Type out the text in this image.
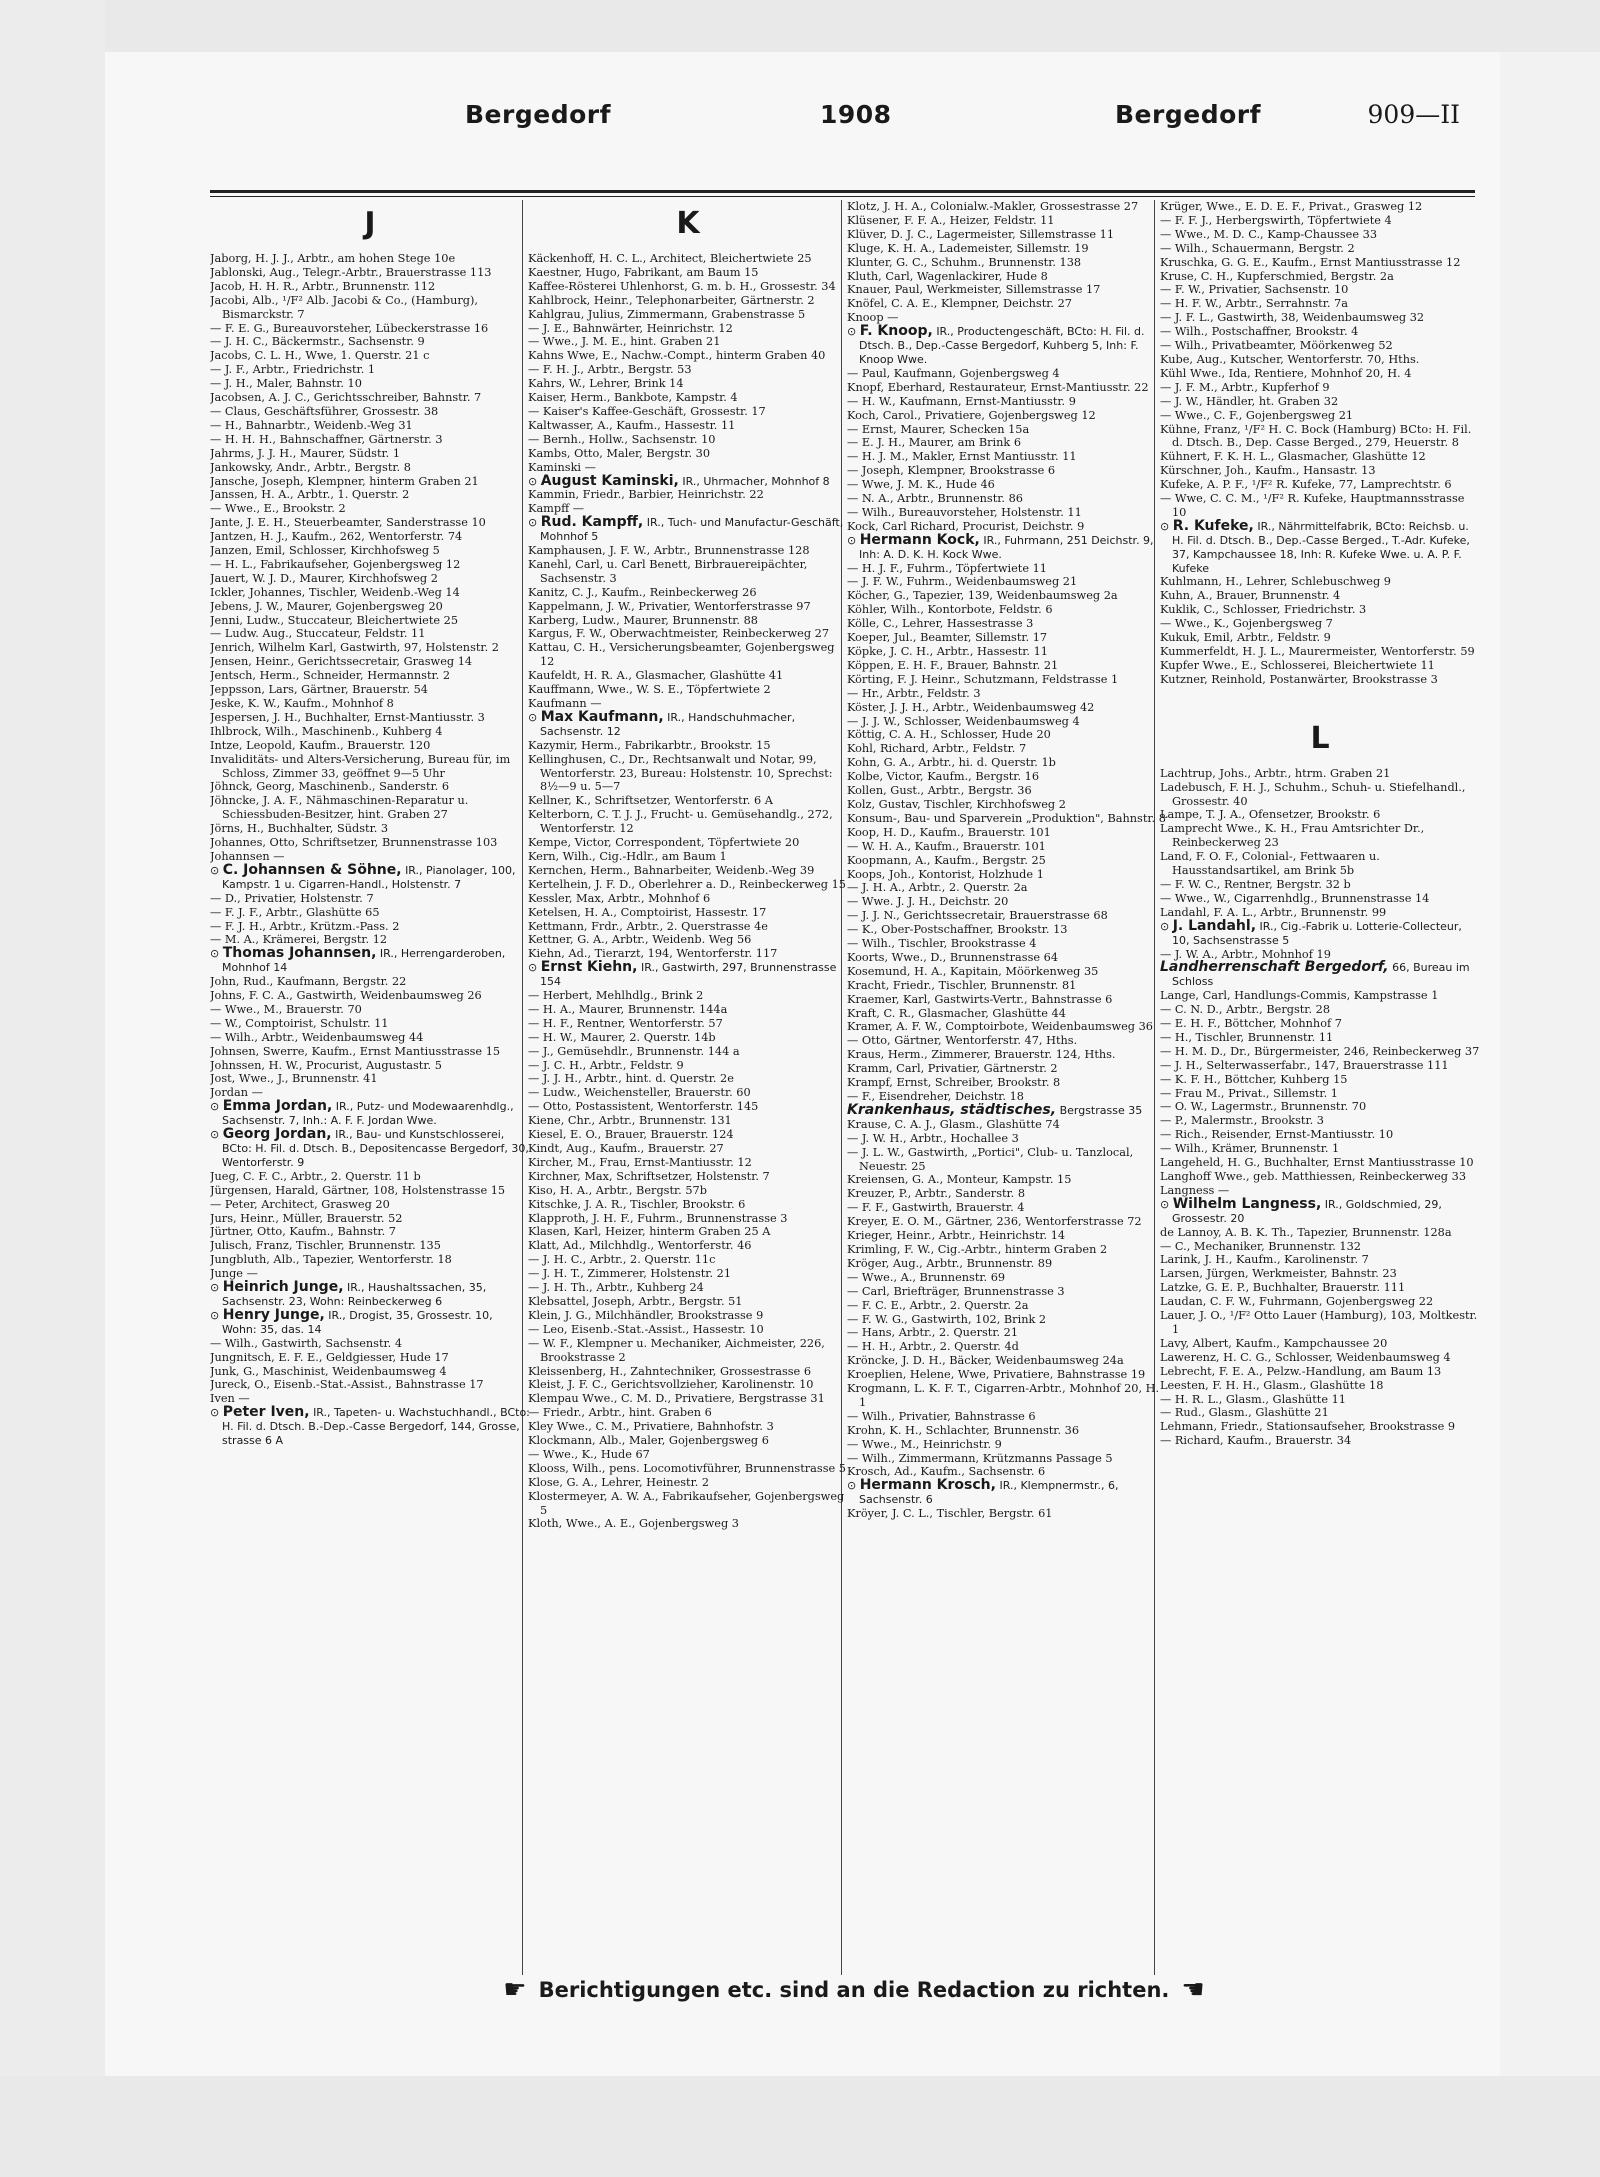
Bergedorf	1908	Bergedorf	909—II
J

Jaborg, H. J. J., Arbtr., am hohen Stege 10e

Jablonski, Aug., Telegr.-Arbtr., Brauerstrasse 113

Jacob, H. H. R., Arbtr., Brunnenstr. 112

Jacobi, Alb., ¹/F² Alb. Jacobi & Co., (Hamburg), Bismarckstr. 7

— F. E. G., Bureauvorsteher, Lübeckerstrasse 16

— J. H. C., Bäckermstr., Sachsenstr. 9

Jacobs, C. L. H., Wwe, 1. Querstr. 21 c

— J. F., Arbtr., Friedrichstr. 1

— J. H., Maler, Bahnstr. 10

Jacobsen, A. J. C., Gerichtsschreiber, Bahnstr. 7

— Claus, Geschäftsführer, Grossestr. 38

— H., Bahnarbtr., Weidenb.-Weg 31

— H. H. H., Bahnschaffner, Gärtnerstr. 3

Jahrms, J. J. H., Maurer, Südstr. 1

Jankowsky, Andr., Arbtr., Bergstr. 8

Jansche, Joseph, Klempner, hinterm Graben 21

Janssen, H. A., Arbtr., 1. Querstr. 2

— Wwe., E., Brookstr. 2

Jante, J. E. H., Steuerbeamter, Sanderstrasse 10

Jantzen, H. J., Kaufm., 262, Wentorferstr. 74

Janzen, Emil, Schlosser, Kirchhofsweg 5

— H. L., Fabrikaufseher, Gojenbergsweg 12

Jauert, W. J. D., Maurer, Kirchhofsweg 2

Ickler, Johannes, Tischler, Weidenb.-Weg 14

Jebens, J. W., Maurer, Gojenbergsweg 20

Jenni, Ludw., Stuccateur, Bleichertwiete 25

— Ludw. Aug., Stuccateur, Feldstr. 11

Jenrich, Wilhelm Karl, Gastwirth, 97, Holstenstr. 2

Jensen, Heinr., Gerichtssecretair, Grasweg 14

Jentsch, Herm., Schneider, Hermannstr. 2

Jeppsson, Lars, Gärtner, Brauerstr. 54

Jeske, K. W., Kaufm., Mohnhof 8

Jespersen, J. H., Buchhalter, Ernst-Mantiusstr. 3

Ihlbrock, Wilh., Maschinenb., Kuhberg 4

Intze, Leopold, Kaufm., Brauerstr. 120

Invaliditäts- und Alters-Versicherung, Bureau für, im Schloss, Zimmer 33, geöffnet 9—5 Uhr

Jöhnck, Georg, Maschinenb., Sanderstr. 6

Jöhncke, J. A. F., Nähmaschinen-Reparatur u. Schiessbuden-Besitzer, hint. Graben 27

Jörns, H., Buchhalter, Südstr. 3

Johannes, Otto, Schriftsetzer, Brunnenstrasse 103

Johannsen —

⊙ C. Johannsen & Söhne, IR., Pianolager, 100, Kampstr. 1 u. Cigarren-Handl., Holstenstr. 7

— D., Privatier, Holstenstr. 7

— F. J. F., Arbtr., Glashütte 65

— F. J. H., Arbtr., Krützm.-Pass. 2

— M. A., Krämerei, Bergstr. 12

⊙ Thomas Johannsen, IR., Herrengarderoben, Mohnhof 14

John, Rud., Kaufmann, Bergstr. 22

Johns, F. C. A., Gastwirth, Weidenbaumsweg 26

— Wwe., M., Brauerstr. 70

— W., Comptoirist, Schulstr. 11

— Wilh., Arbtr., Weidenbaumsweg 44

Johnsen, Swerre, Kaufm., Ernst Mantiusstrasse 15

Johnssen, H. W., Procurist, Augustastr. 5

Jost, Wwe., J., Brunnenstr. 41

Jordan —

⊙ Emma Jordan, IR., Putz- und Modewaarenhdlg., Sachsenstr. 7, Inh.: A. F. F. Jordan Wwe.

⊙ Georg Jordan, IR., Bau- und Kunstschlosserei, BCto: H. Fil. d. Dtsch. B., Depositencasse Bergedorf, 30, Wentorferstr. 9

Jueg, C. F. C., Arbtr., 2. Querstr. 11 b

Jürgensen, Harald, Gärtner, 108, Holstenstrasse 15

— Peter, Architect, Grasweg 20

Jurs, Heinr., Müller, Brauerstr. 52

Jürtner, Otto, Kaufm., Bahnstr. 7

Julisch, Franz, Tischler, Brunnenstr. 135

Jungbluth, Alb., Tapezier, Wentorferstr. 18

Junge —

⊙ Heinrich Junge, IR., Haushaltssachen, 35, Sachsenstr. 23, Wohn: Reinbeckerweg 6

⊙ Henry Junge, IR., Drogist, 35, Grossestr. 10, Wohn: 35, das. 14

— Wilh., Gastwirth, Sachsenstr. 4

Jungnitsch, E. F. E., Geldgiesser, Hude 17

Junk, G., Maschinist, Weidenbaumsweg 4

Jureck, O., Eisenb.-Stat.-Assist., Bahnstrasse 17

Iven —

⊙ Peter Iven, IR., Tapeten- u. Wachstuchhandl., BCto: H. Fil. d. Dtsch. B.-Dep.-Casse Bergedorf, 144, Grosse, strasse 6 A

K

Käckenhoff, H. C. L., Architect, Bleichertwiete 25

Kaestner, Hugo, Fabrikant, am Baum 15

Kaffee-Rösterei Uhlenhorst, G. m. b. H., Grossestr. 34

Kahlbrock, Heinr., Telephonarbeiter, Gärtnerstr. 2

Kahlgrau, Julius, Zimmermann, Grabenstrasse 5

— J. E., Bahnwärter, Heinrichstr. 12

— Wwe., J. M. E., hint. Graben 21

Kahns Wwe, E., Nachw.-Compt., hinterm Graben 40

— F. H. J., Arbtr., Bergstr. 53

Kahrs, W., Lehrer, Brink 14

Kaiser, Herm., Bankbote, Kampstr. 4

— Kaiser's Kaffee-Geschäft, Grossestr. 17

Kaltwasser, A., Kaufm., Hassestr. 11

— Bernh., Hollw., Sachsenstr. 10

Kambs, Otto, Maler, Bergstr. 30

Kaminski —

⊙ August Kaminski, IR., Uhrmacher, Mohnhof 8

Kammin, Friedr., Barbier, Heinrichstr. 22

Kampff —

⊙ Rud. Kampff, IR., Tuch- und Manufactur-Geschäft, Mohnhof 5

Kamphausen, J. F. W., Arbtr., Brunnenstrasse 128

Kanehl, Carl, u. Carl Benett, Birbrauereipächter, Sachsenstr. 3

Kanitz, C. J., Kaufm., Reinbeckerweg 26

Kappelmann, J. W., Privatier, Wentorferstrasse 97

Karberg, Ludw., Maurer, Brunnenstr. 88

Kargus, F. W., Oberwachtmeister, Reinbeckerweg 27

Kattau, C. H., Versicherungsbeamter, Gojenbergsweg 12

Kaufeldt, H. R. A., Glasmacher, Glashütte 41

Kauffmann, Wwe., W. S. E., Töpfertwiete 2

Kaufmann —

⊙ Max Kaufmann, IR., Handschuhmacher, Sachsenstr. 12

Kazymir, Herm., Fabrikarbtr., Brookstr. 15

Kellinghusen, C., Dr., Rechtsanwalt und Notar, 99, Wentorferstr. 23, Bureau: Holstenstr. 10, Sprechst: 8½—9 u. 5—7

Kellner, K., Schriftsetzer, Wentorferstr. 6 A

Kelterborn, C. T. J. J., Frucht- u. Gemüsehandlg., 272, Wentorferstr. 12

Kempe, Victor, Correspondent, Töpfertwiete 20

Kern, Wilh., Cig.-Hdlr., am Baum 1

Kernchen, Herm., Bahnarbeiter, Weidenb.-Weg 39

Kertelhein, J. F. D., Oberlehrer a. D., Reinbeckerweg 15

Kessler, Max, Arbtr., Mohnhof 6

Ketelsen, H. A., Comptoirist, Hassestr. 17

Kettmann, Frdr., Arbtr., 2. Querstrasse 4e

Kettner, G. A., Arbtr., Weidenb. Weg 56

Kiehn, Ad., Tierarzt, 194, Wentorferstr. 117

⊙ Ernst Kiehn, IR., Gastwirth, 297, Brunnenstrasse 154

— Herbert, Mehlhdlg., Brink 2

— H. A., Maurer, Brunnenstr. 144a

— H. F., Rentner, Wentorferstr. 57

— H. W., Maurer, 2. Querstr. 14b

— J., Gemüsehdlr., Brunnenstr. 144 a

— J. C. H., Arbtr., Feldstr. 9

— J. J. H., Arbtr., hint. d. Querstr. 2e

— Ludw., Weichensteller, Brauerstr. 60

— Otto, Postassistent, Wentorferstr. 145

Kiene, Chr., Arbtr., Brunnenstr. 131

Kiesel, E. O., Brauer, Brauerstr. 124

Kindt, Aug., Kaufm., Brauerstr. 27

Kircher, M., Frau, Ernst-Mantiusstr. 12

Kirchner, Max, Schriftsetzer, Holstenstr. 7

Kiso, H. A., Arbtr., Bergstr. 57b

Kitschke, J. A. R., Tischler, Brookstr. 6

Klapproth, J. H. F., Fuhrm., Brunnenstrasse 3

Klasen, Karl, Heizer, hinterm Graben 25 A

Klatt, Ad., Milchhdlg., Wentorferstr. 46

— J. H. C., Arbtr., 2. Querstr. 11c

— J. H. T., Zimmerer, Holstenstr. 21

— J. H. Th., Arbtr., Kuhberg 24

Klebsattel, Joseph, Arbtr., Bergstr. 51

Klein, J. G., Milchhändler, Brookstrasse 9

— Leo, Eisenb.-Stat.-Assist., Hassestr. 10

— W. F., Klempner u. Mechaniker, Aichmeister, 226, Brookstrasse 2

Kleissenberg, H., Zahntechniker, Grossestrasse 6

Kleist, J. F. C., Gerichtsvollzieher, Karolinenstr. 10

Klempau Wwe., C. M. D., Privatiere, Bergstrasse 31

— Friedr., Arbtr., hint. Graben 6

Kley Wwe., C. M., Privatiere, Bahnhofstr. 3

Klockmann, Alb., Maler, Gojenbergsweg 6

— Wwe., K., Hude 67

Klooss, Wilh., pens. Locomotivführer, Brunnenstrasse 5

Klose, G. A., Lehrer, Heinestr. 2

Klostermeyer, A. W. A., Fabrikaufseher, Gojenbergsweg 5

Kloth, Wwe., A. E., Gojenbergsweg 3

Klotz, J. H. A., Colonialw.-Makler, Grossestrasse 27

Klüsener, F. F. A., Heizer, Feldstr. 11

Klüver, D. J. C., Lagermeister, Sillemstrasse 11

Kluge, K. H. A., Lademeister, Sillemstr. 19

Klunter, G. C., Schuhm., Brunnenstr. 138

Kluth, Carl, Wagenlackirer, Hude 8

Knauer, Paul, Werkmeister, Sillemstrasse 17

Knöfel, C. A. E., Klempner, Deichstr. 27

Knoop —

⊙ F. Knoop, IR., Productengeschäft, BCto: H. Fil. d. Dtsch. B., Dep.-Casse Bergedorf, Kuhberg 5, Inh: F. Knoop Wwe.

— Paul, Kaufmann, Gojenbergsweg 4

Knopf, Eberhard, Restaurateur, Ernst-Mantiusstr. 22

— H. W., Kaufmann, Ernst-Mantiusstr. 9

Koch, Carol., Privatiere, Gojenbergsweg 12

— Ernst, Maurer, Schecken 15a

— E. J. H., Maurer, am Brink 6

— H. J. M., Makler, Ernst Mantiusstr. 11

— Joseph, Klempner, Brookstrasse 6

— Wwe, J. M. K., Hude 46

— N. A., Arbtr., Brunnenstr. 86

— Wilh., Bureauvorsteher, Holstenstr. 11

Kock, Carl Richard, Procurist, Deichstr. 9

⊙ Hermann Kock, IR., Fuhrmann, 251 Deichstr. 9, Inh: A. D. K. H. Kock Wwe.

— H. J. F., Fuhrm., Töpfertwiete 11

— J. F. W., Fuhrm., Weidenbaumsweg 21

Köcher, G., Tapezier, 139, Weidenbaumsweg 2a

Köhler, Wilh., Kontorbote, Feldstr. 6

Kölle, C., Lehrer, Hassestrasse 3

Koeper, Jul., Beamter, Sillemstr. 17

Köpke, J. C. H., Arbtr., Hassestr. 11

Köppen, E. H. F., Brauer, Bahnstr. 21

Körting, F. J. Heinr., Schutzmann, Feldstrasse 1

— Hr., Arbtr., Feldstr. 3

Köster, J. J. H., Arbtr., Weidenbaumsweg 42

— J. J. W., Schlosser, Weidenbaumsweg 4

Köttig, C. A. H., Schlosser, Hude 20

Kohl, Richard, Arbtr., Feldstr. 7

Kohn, G. A., Arbtr., hi. d. Querstr. 1b

Kolbe, Victor, Kaufm., Bergstr. 16

Kollen, Gust., Arbtr., Bergstr. 36

Kolz, Gustav, Tischler, Kirchhofsweg 2

Konsum-, Bau- und Sparverein „Produktion", Bahnstr. 8

Koop, H. D., Kaufm., Brauerstr. 101

— W. H. A., Kaufm., Brauerstr. 101

Koopmann, A., Kaufm., Bergstr. 25

Koops, Joh., Kontorist, Holzhude 1

— J. H. A., Arbtr., 2. Querstr. 2a

— Wwe. J. J. H., Deichstr. 20

— J. J. N., Gerichtssecretair, Brauerstrasse 68

— K., Ober-Postschaffner, Brookstr. 13

— Wilh., Tischler, Brookstrasse 4

Koorts, Wwe., D., Brunnenstrasse 64

Kosemund, H. A., Kapitain, Möörkenweg 35

Kracht, Friedr., Tischler, Brunnenstr. 81

Kraemer, Karl, Gastwirts-Vertr., Bahnstrasse 6

Kraft, C. R., Glasmacher, Glashütte 44

Kramer, A. F. W., Comptoirbote, Weidenbaumsweg 36

— Otto, Gärtner, Wentorferstr. 47, Hths.

Kraus, Herm., Zimmerer, Brauerstr. 124, Hths.

Kramm, Carl, Privatier, Gärtnerstr. 2

Krampf, Ernst, Schreiber, Brookstr. 8

— F., Eisendreher, Deichstr. 18

Krankenhaus, städtisches, Bergstrasse 35

Krause, C. A. J., Glasm., Glashütte 74

— J. W. H., Arbtr., Hochallee 3

— J. L. W., Gastwirth, „Portici", Club- u. Tanzlocal, Neuestr. 25

Kreiensen, G. A., Monteur, Kampstr. 15

Kreuzer, P., Arbtr., Sanderstr. 8

— F. F., Gastwirth, Brauerstr. 4

Kreyer, E. O. M., Gärtner, 236, Wentorferstrasse 72

Krieger, Heinr., Arbtr., Heinrichstr. 14

Krimling, F. W., Cig.-Arbtr., hinterm Graben 2

Kröger, Aug., Arbtr., Brunnenstr. 89

— Wwe., A., Brunnenstr. 69

— Carl, Briefträger, Brunnenstrasse 3

— F. C. E., Arbtr., 2. Querstr. 2a

— F. W. G., Gastwirth, 102, Brink 2

— Hans, Arbtr., 2. Querstr. 21

— H. H., Arbtr., 2. Querstr. 4d

Kröncke, J. D. H., Bäcker, Weidenbaumsweg 24a

Kroeplien, Helene, Wwe, Privatiere, Bahnstrasse 19

Krogmann, L. K. F. T., Cigarren-Arbtr., Mohnhof 20, H. 1

— Wilh., Privatier, Bahnstrasse 6

Krohn, K. H., Schlachter, Brunnenstr. 36

— Wwe., M., Heinrichstr. 9

— Wilh., Zimmermann, Krützmanns Passage 5

Krosch, Ad., Kaufm., Sachsenstr. 6

⊙ Hermann Krosch, IR., Klempnermstr., 6, Sachsenstr. 6

Kröyer, J. C. L., Tischler, Bergstr. 61

Krüger, Wwe., E. D. E. F., Privat., Grasweg 12

— F. F. J., Herbergswirth, Töpfertwiete 4

— Wwe., M. D. C., Kamp-Chaussee 33

— Wilh., Schauermann, Bergstr. 2

Kruschka, G. G. E., Kaufm., Ernst Mantiusstrasse 12

Kruse, C. H., Kupferschmied, Bergstr. 2a

— F. W., Privatier, Sachsenstr. 10

— H. F. W., Arbtr., Serrahnstr. 7a

— J. F. L., Gastwirth, 38, Weidenbaumsweg 32

— Wilh., Postschaffner, Brookstr. 4

— Wilh., Privatbeamter, Möörkenweg 52

Kube, Aug., Kutscher, Wentorferstr. 70, Hths.

Kühl Wwe., Ida, Rentiere, Mohnhof 20, H. 4

— J. F. M., Arbtr., Kupferhof 9

— J. W., Händler, ht. Graben 32

— Wwe., C. F., Gojenbergsweg 21

Kühne, Franz, ¹/F² H. C. Bock (Hamburg) BCto: H. Fil. d. Dtsch. B., Dep. Casse Berged., 279, Heuerstr. 8

Kühnert, F. K. H. L., Glasmacher, Glashütte 12

Kürschner, Joh., Kaufm., Hansastr. 13

Kufeke, A. P. F., ¹/F² R. Kufeke, 77, Lamprechtstr. 6

— Wwe, C. C. M., ¹/F² R. Kufeke, Hauptmannsstrasse 10

⊙ R. Kufeke, IR., Nährmittelfabrik, BCto: Reichsb. u. H. Fil. d. Dtsch. B., Dep.-Casse Berged., T.-Adr. Kufeke, 37, Kampchaussee 18, Inh: R. Kufeke Wwe. u. A. P. F. Kufeke

Kuhlmann, H., Lehrer, Schlebuschweg 9

Kuhn, A., Brauer, Brunnenstr. 4

Kuklik, C., Schlosser, Friedrichstr. 3

— Wwe., K., Gojenbergsweg 7

Kukuk, Emil, Arbtr., Feldstr. 9

Kummerfeldt, H. J. L., Maurermeister, Wentorferstr. 59

Kupfer Wwe., E., Schlosserei, Bleichertwiete 11

Kutzner, Reinhold, Postanwärter, Brookstrasse 3

L

Lachtrup, Johs., Arbtr., htrm. Graben 21

Ladebusch, F. H. J., Schuhm., Schuh- u. Stiefelhandl., Grossestr. 40

Lampe, T. J. A., Ofensetzer, Brookstr. 6

Lamprecht Wwe., K. H., Frau Amtsrichter Dr., Reinbeckerweg 23

Land, F. O. F., Colonial-, Fettwaaren u. Hausstandsartikel, am Brink 5b

— F. W. C., Rentner, Bergstr. 32 b

— Wwe., W., Cigarrenhdlg., Brunnenstrasse 14

Landahl, F. A. L., Arbtr., Brunnenstr. 99

⊙ J. Landahl, IR., Cig.-Fabrik u. Lotterie-Collecteur, 10, Sachsenstrasse 5

— J. W. A., Arbtr., Mohnhof 19

Landherrenschaft Bergedorf, 66, Bureau im Schloss

Lange, Carl, Handlungs-Commis, Kampstrasse 1

— C. N. D., Arbtr., Bergstr. 28

— E. H. F., Böttcher, Mohnhof 7

— H., Tischler, Brunnenstr. 11

— H. M. D., Dr., Bürgermeister, 246, Reinbeckerweg 37

— J. H., Selterwasserfabr., 147, Brauerstrasse 111

— K. F. H., Böttcher, Kuhberg 15

— Frau M., Privat., Sillemstr. 1

— O. W., Lagermstr., Brunnenstr. 70

— P., Malermstr., Brookstr. 3

— Rich., Reisender, Ernst-Mantiusstr. 10

— Wilh., Krämer, Brunnenstr. 1

Langeheld, H. G., Buchhalter, Ernst Mantiusstrasse 10

Langhoff Wwe., geb. Matthiessen, Reinbeckerweg 33

Langness —

⊙ Wilhelm Langness, IR., Goldschmied, 29, Grossestr. 20

de Lannoy, A. B. K. Th., Tapezier, Brunnenstr. 128a

— C., Mechaniker, Brunnenstr. 132

Larink, J. H., Kaufm., Karolinenstr. 7

Larsen, Jürgen, Werkmeister, Bahnstr. 23

Latzke, G. E. P., Buchhalter, Brauerstr. 111

Laudan, C. F. W., Fuhrmann, Gojenbergsweg 22

Lauer, J. O., ¹/F² Otto Lauer (Hamburg), 103, Moltkestr. 1

Lavy, Albert, Kaufm., Kampchaussee 20

Lawerenz, H. C. G., Schlosser, Weidenbaumsweg 4

Lebrecht, F. E. A., Pelzw.-Handlung, am Baum 13

Leesten, F. H. H., Glasm., Glashütte 18

— H. R. L., Glasm., Glashütte 11

— Rud., Glasm., Glashütte 21

Lehmann, Friedr., Stationsaufseher, Brookstrasse 9

— Richard, Kaufm., Brauerstr. 34

☛ Berichtigungen etc. sind an die Redaction zu richten. ☚
